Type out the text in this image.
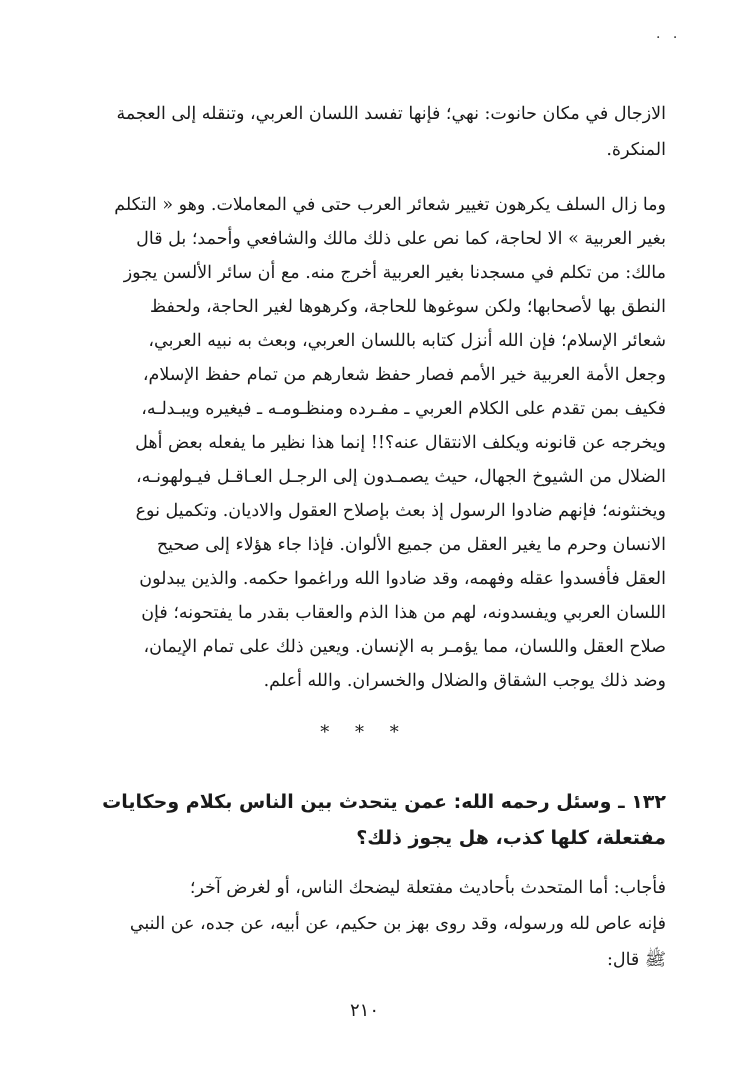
· ·
الازجال في مكان حانوت: نهي؛ فإنها تفسد اللسان العربي، وتنقله إلى العجمة
المنكرة.
وما زال السلف يكرهون تغيير شعائر العرب حتى في المعاملات. وهو « التكلم
بغير العربية » الا لحاجة، كما نص على ذلك مالك والشافعي وأحمد؛ بل قال
مالك: من تكلم في مسجدنا بغير العربية أخرج منه. مع أن سائر الألسن يجوز
النطق بها لأصحابها؛ ولكن سوغوها للحاجة، وكرهوها لغير الحاجة، ولحفظ
شعائر الإسلام؛ فإن الله أنزل كتابه باللسان العربي، وبعث به نبيه العربي،
وجعل الأمة العربية خير الأمم فصار حفظ شعارهم من تمام حفظ الإسلام،
فكيف بمن تقدم على الكلام العربي ـ مفـرده ومنظـومـه ـ فيغيره ويبـدلـه،
ويخرجه عن قانونه ويكلف الانتقال عنه؟!! إنما هذا نظير ما يفعله بعض أهل
الضلال من الشيوخ الجهال، حيث يصمـدون إلى الرجـل العـاقـل فيـولهونـه،
ويخنثونه؛ فإنهم ضادوا الرسول إذ بعث بإصلاح العقول والاديان. وتكميل نوع
الانسان وحرم ما يغير العقل من جميع الألوان. فإذا جاء هؤلاء إلى صحيح
العقل فأفسدوا عقله وفهمه، وقد ضادوا الله وراغموا حكمه. والذين يبدلون
اللسان العربي ويفسدونه، لهم من هذا الذم والعقاب بقدر ما يفتحونه؛ فإن
صلاح العقل واللسان، مما يؤمـر به الإنسان. ويعين ذلك على تمام الإيمان،
وضد ذلك يوجب الشقاق والضلال والخسران. والله أعلم.
* * *
١٣٢ ـ وسئل رحمه الله: عمن يتحدث بين الناس بكلام وحكايات
مفتعلة، كلها كذب، هل يجوز ذلك؟
فأجاب: أما المتحدث بأحاديث مفتعلة ليضحك الناس، أو لغرض آخر؛
فإنه عاص لله ورسوله، وقد روى بهز بن حكيم، عن أبيه، عن جده، عن النبي
ﷺ قال:
٢١٠
